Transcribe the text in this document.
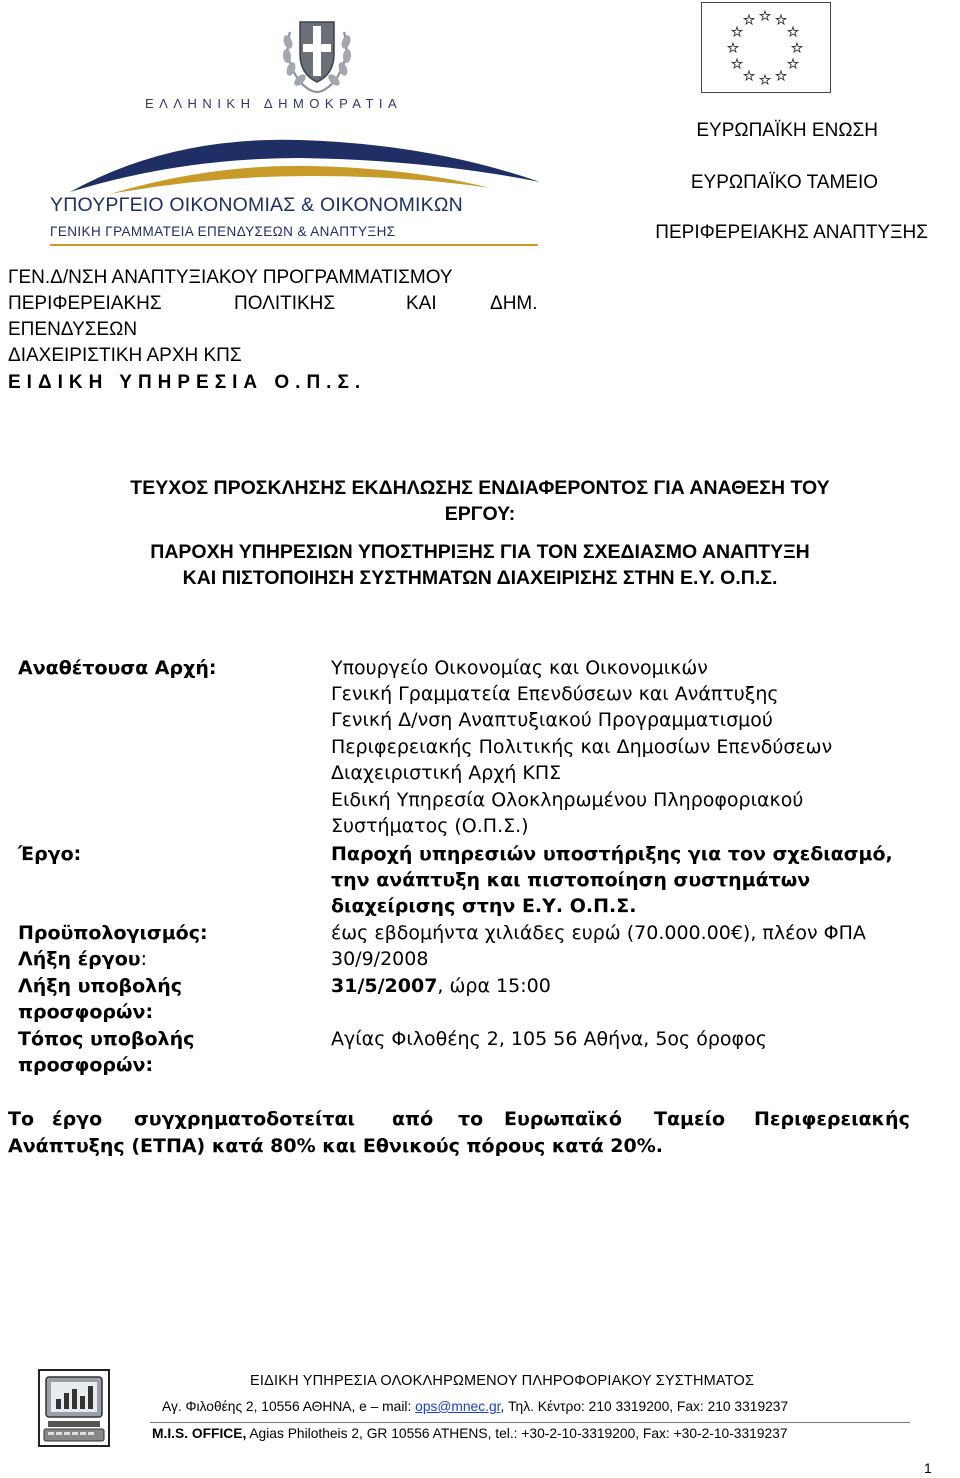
ΕΛΛΗΝΙΚΗ ΔΗΜΟΚΡΑΤΙΑ
ΥΠΟΥΡΓΕΙΟ ΟΙΚΟΝΟΜΙΑΣ & ΟΙΚΟΝΟΜΙΚΩΝ
ΓΕΝΙΚΗ ΓΡΑΜΜΑΤΕΙΑ ΕΠΕΝΔΥΣΕΩΝ & ΑΝΑΠΤΥΞΗΣ
ΕΥΡΩΠΑΪΚΗ ΕΝΩΣΗ
ΕΥΡΩΠΑΪΚΟ ΤΑΜΕΙΟ
ΠΕΡΙΦΕΡΕΙΑΚΗΣ ΑΝΑΠΤΥΞΗΣ
ΓΕΝ.Δ/ΝΣΗ ΑΝΑΠΤΥΞΙΑΚΟΥ ΠΡΟΓΡΑΜΜΑΤΙΣΜΟΥ
ΠΕΡΙΦΕΡΕΙΑΚΗΣ	ΠΟΛΙΤΙΚΗΣ	ΚΑΙ	ΔΗΜ.
ΕΠΕΝΔΥΣΕΩΝ
ΔΙΑΧΕΙΡΙΣΤΙΚΗ ΑΡΧΗ ΚΠΣ
ΕΙΔΙΚΗ ΥΠΗΡΕΣΙΑ Ο.Π.Σ.
ΤΕΥΧΟΣ ΠΡΟΣΚΛΗΣΗΣ ΕΚΔΗΛΩΣΗΣ ΕΝΔΙΑΦΕΡΟΝΤΟΣ ΓΙΑ ΑΝΑΘΕΣΗ ΤΟΥ
ΕΡΓΟΥ:
ΠΑΡΟΧΗ ΥΠΗΡΕΣΙΩΝ ΥΠΟΣΤΗΡΙΞΗΣ ΓΙΑ ΤΟΝ ΣΧΕΔΙΑΣΜΟ ΑΝΑΠΤΥΞΗ
ΚΑΙ ΠΙΣΤΟΠΟΙΗΣΗ ΣΥΣΤΗΜΑΤΩΝ ΔΙΑΧΕΙΡΙΣΗΣ ΣΤΗΝ Ε.Υ. Ο.Π.Σ.
Αναθέτουσα Αρχή:	Υπουργείο Οικονομίας και Οικονομικών
Γενική Γραμματεία Επενδύσεων και Ανάπτυξης
Γενική Δ/νση Αναπτυξιακού Προγραμματισμού
Περιφερειακής Πολιτικής και Δημοσίων Επενδύσεων
Διαχειριστική Αρχή ΚΠΣ
Ειδική Υπηρεσία Ολοκληρωμένου Πληροφοριακού
Συστήματος (Ο.Π.Σ.)
Έργο:	Παροχή υπηρεσιών υποστήριξης για τον σχεδιασμό,
την ανάπτυξη και πιστοποίηση συστημάτων
διαχείρισης στην Ε.Υ. Ο.Π.Σ.
Προϋπολογισμός:	έως εβδομήντα χιλιάδες ευρώ (70.000.00€), πλέον ΦΠΑ
Λήξη έργου:	30/9/2008
Λήξη υποβολής
προσφορών:
31/5/2007, ώρα 15:00
Τόπος υποβολής
προσφορών:
Αγίας Φιλοθέης 2, 105 56 Αθήνα, 5ος όροφος
Το έργο συγχρηματοδοτείται από το Ευρωπαϊκό Ταμείο Περιφερειακής
Ανάπτυξης (ΕΤΠΑ) κατά 80% και Εθνικούς πόρους κατά 20%.
ΕΙΔΙΚΗ ΥΠΗΡΕΣΙΑ ΟΛΟΚΛΗΡΩΜΕΝΟΥ ΠΛΗΡΟΦΟΡΙΑΚΟΥ ΣΥΣΤΗΜΑΤΟΣ
Αγ. Φιλοθέης 2, 10556 ΑΘΗΝΑ, e – mail: ops@mnec.gr, Τηλ. Κέντρο: 210 3319200, Fax: 210 3319237
M.I.S. OFFICE, Agias Philotheis 2, GR 10556 ATHENS, tel.: +30-2-10-3319200, Fax: +30-2-10-3319237
1
